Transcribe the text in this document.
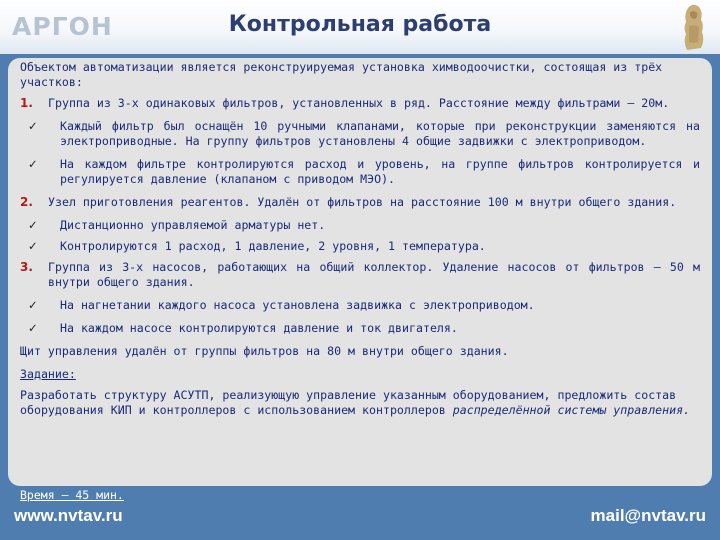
АРГОН	Контрольная работа

Объектом автоматизации является реконструируемая установка химводоочистки, состоящая из трёх участков:

1. Группа из 3-х одинаковых фильтров, установленных в ряд. Расстояние между фильтрами – 20м.
✓ Каждый фильтр был оснащён 10 ручными клапанами, которые при реконструкции заменяются на электроприводные. На группу фильтров установлены 4 общие задвижки с электроприводом.
✓ На каждом фильтре контролируются расход и уровень, на группе фильтров контролируется и регулируется давление (клапаном с приводом МЭО).
2. Узел приготовления реагентов. Удалён от фильтров на расстояние 100 м внутри общего здания.
✓ Дистанционно управляемой арматуры нет.
✓ Контролируются 1 расход, 1 давление, 2 уровня, 1 температура.
3. Группа из 3-х насосов, работающих на общий коллектор. Удаление насосов от фильтров – 50 м внутри общего здания.
✓ На нагнетании каждого насоса установлена задвижка с электроприводом.
✓ На каждом насосе контролируются давление и ток двигателя.

Щит управления удалён от группы фильтров на 80 м внутри общего здания.

Задание:

Разработать структуру АСУТП, реализующую управление указанным оборудованием, предложить состав оборудования КИП и контроллеров с использованием контроллеров распределённой системы управления.

Время – 45 мин.
www.nvtav.ru	mail@nvtav.ru
